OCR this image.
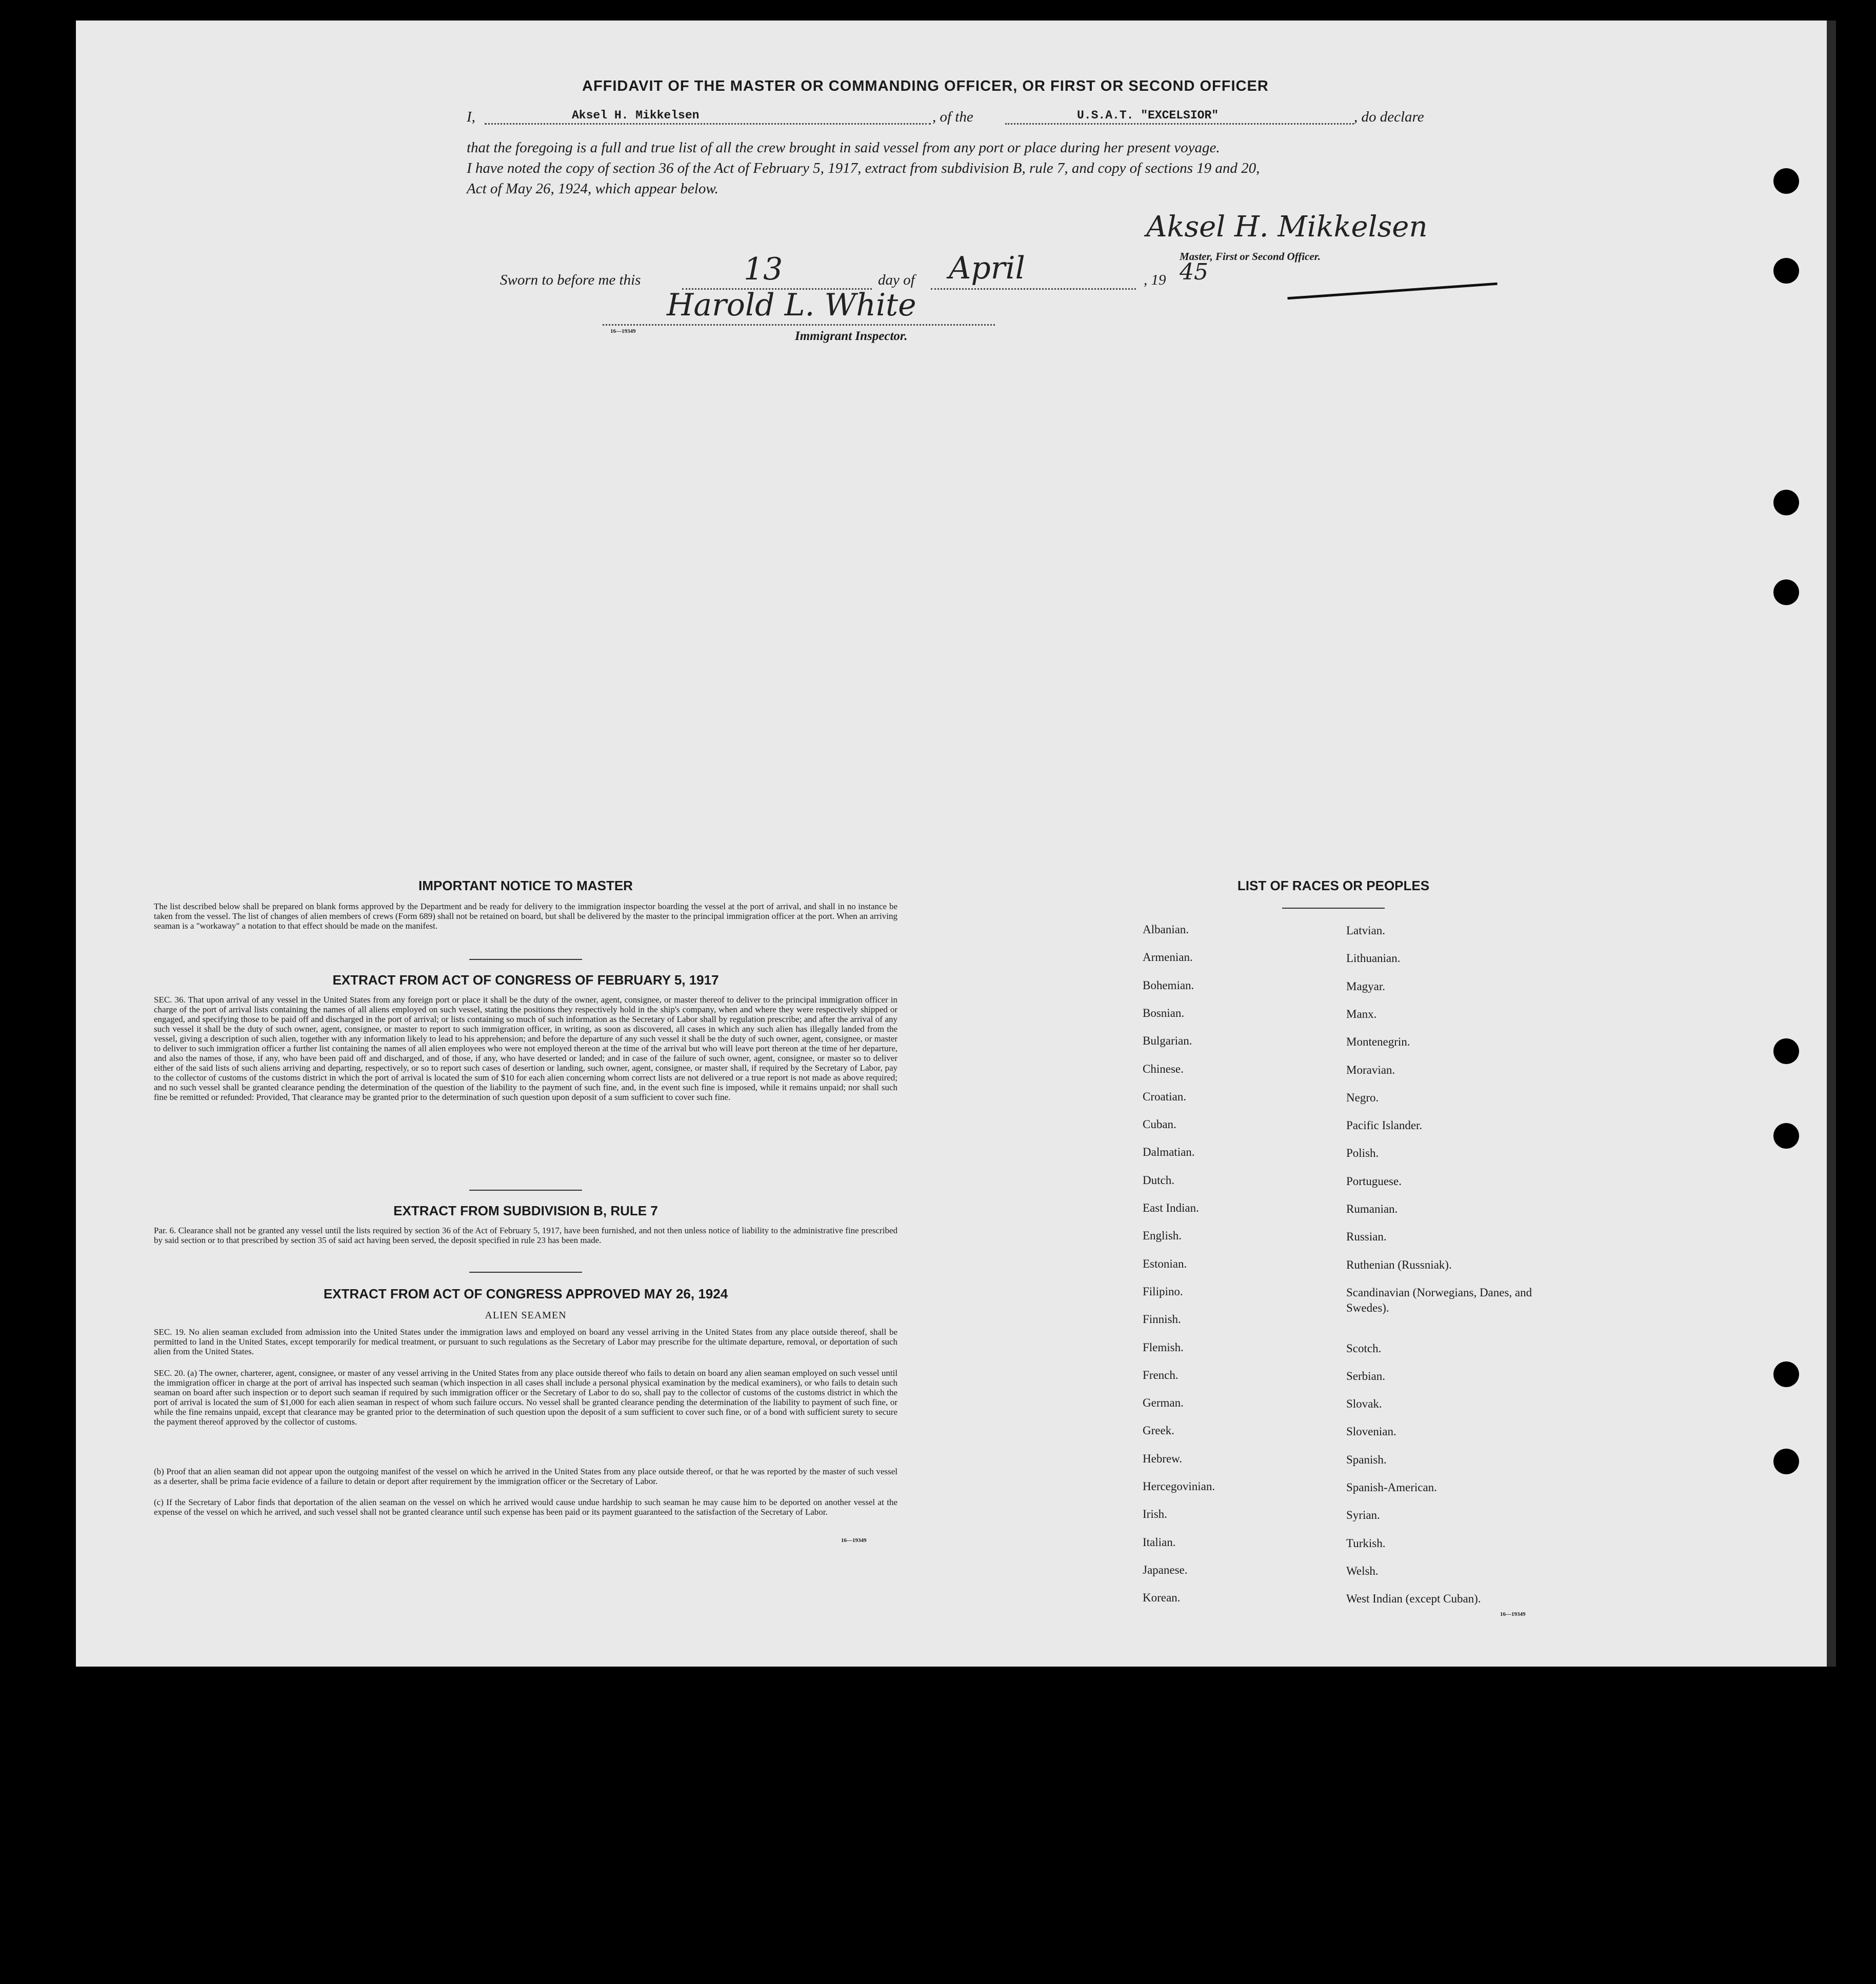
AFFIDAVIT OF THE MASTER OR COMMANDING OFFICER, OR FIRST OR SECOND OFFICER
I,	Aksel H. Mikkelsen	, of the	U.S.A.T. "EXCELSIOR"	, do declare
that the foregoing is a full and true list of all the crew brought in said vessel from any port or place during her present voyage.
I have noted the copy of section 36 of the Act of February 5, 1917, extract from subdivision B, rule 7, and copy of sections 19 and 20,
Act of May 26, 1924, which appear below.
Aksel H. Mikkelsen
Master, First or Second Officer.
Sworn to before me this	13	day of April	, 19 45
Harold L. White
16—19349	Immigrant Inspector.
IMPORTANT NOTICE TO MASTER
The list described below shall be prepared on blank forms approved by the Department and be ready for delivery to the immigration inspector boarding the vessel at the port of arrival, and shall in no instance be taken from the vessel. The list of changes of alien members of crews (Form 689) shall not be retained on board, but shall be delivered by the master to the principal immigration officer at the port. When an arriving seaman is a "workaway" a notation to that effect should be made on the manifest.
EXTRACT FROM ACT OF CONGRESS OF FEBRUARY 5, 1917
SEC. 36. That upon arrival of any vessel in the United States from any foreign port or place it shall be the duty of the owner, agent, consignee, or master thereof to deliver to the principal immigration officer in charge of the port of arrival lists containing the names of all aliens employed on such vessel, stating the positions they respectively hold in the ship's company, when and where they were respectively shipped or engaged, and specifying those to be paid off and discharged in the port of arrival; or lists containing so much of such information as the Secretary of Labor shall by regulation prescribe; and after the arrival of any such vessel it shall be the duty of such owner, agent, consignee, or master to report to such immigration officer, in writing, as soon as discovered, all cases in which any such alien has illegally landed from the vessel, giving a description of such alien, together with any information likely to lead to his apprehension; and before the departure of any such vessel it shall be the duty of such owner, agent, consignee, or master to deliver to such immigration officer a further list containing the names of all alien employees who were not employed thereon at the time of the arrival but who will leave port thereon at the time of her departure, and also the names of those, if any, who have been paid off and discharged, and of those, if any, who have deserted or landed; and in case of the failure of such owner, agent, consignee, or master so to deliver either of the said lists of such aliens arriving and departing, respectively, or so to report such cases of desertion or landing, such owner, agent, consignee, or master shall, if required by the Secretary of Labor, pay to the collector of customs of the customs district in which the port of arrival is located the sum of $10 for each alien concerning whom correct lists are not delivered or a true report is not made as above required; and no such vessel shall be granted clearance pending the determination of the question of the liability to the payment of such fine, and, in the event such fine is imposed, while it remains unpaid; nor shall such fine be remitted or refunded: Provided, That clearance may be granted prior to the determination of such question upon deposit of a sum sufficient to cover such fine.
EXTRACT FROM SUBDIVISION B, RULE 7
Par. 6. Clearance shall not be granted any vessel until the lists required by section 36 of the Act of February 5, 1917, have been furnished, and not then unless notice of liability to the administrative fine prescribed by said section or to that prescribed by section 35 of said act having been served, the deposit specified in rule 23 has been made.
EXTRACT FROM ACT OF CONGRESS APPROVED MAY 26, 1924
ALIEN SEAMEN
SEC. 19. No alien seaman excluded from admission into the United States under the immigration laws and employed on board any vessel arriving in the United States from any place outside thereof, shall be permitted to land in the United States, except temporarily for medical treatment, or pursuant to such regulations as the Secretary of Labor may prescribe for the ultimate departure, removal, or deportation of such alien from the United States.
SEC. 20. (a) The owner, charterer, agent, consignee, or master of any vessel arriving in the United States from any place outside thereof who fails to detain on board any alien seaman employed on such vessel until the immigration officer in charge at the port of arrival has inspected such seaman (which inspection in all cases shall include a personal physical examination by the medical examiners), or who fails to detain such seaman on board after such inspection or to deport such seaman if required by such immigration officer or the Secretary of Labor to do so, shall pay to the collector of customs of the customs district in which the port of arrival is located the sum of $1,000 for each alien seaman in respect of whom such failure occurs. No vessel shall be granted clearance pending the determination of the liability to payment of such fine, or while the fine remains unpaid, except that clearance may be granted prior to the determination of such question upon the deposit of a sum sufficient to cover such fine, or of a bond with sufficient surety to secure the payment thereof approved by the collector of customs.
(b) Proof that an alien seaman did not appear upon the outgoing manifest of the vessel on which he arrived in the United States from any place outside thereof, or that he was reported by the master of such vessel as a deserter, shall be prima facie evidence of a failure to detain or deport after requirement by the immigration officer or the Secretary of Labor.
(c) If the Secretary of Labor finds that deportation of the alien seaman on the vessel on which he arrived would cause undue hardship to such seaman he may cause him to be deported on another vessel at the expense of the vessel on which he arrived, and such vessel shall not be granted clearance until such expense has been paid or its payment guaranteed to the satisfaction of the Secretary of Labor.
16—19349
LIST OF RACES OR PEOPLES
Albanian.
Armenian.
Bohemian.
Bosnian.
Bulgarian.
Chinese.
Croatian.
Cuban.
Dalmatian.
Dutch.
East Indian.
English.
Estonian.
Filipino.
Finnish.
Flemish.
French.
German.
Greek.
Hebrew.
Hercegovinian.
Irish.
Italian.
Japanese.
Korean.
Latvian.
Lithuanian.
Magyar.
Manx.
Montenegrin.
Moravian.
Negro.
Pacific Islander.
Polish.
Portuguese.
Rumanian.
Russian.
Ruthenian (Russniak).
Scandinavian (Norwegians, Danes, and Swedes).
Scotch.
Serbian.
Slovak.
Slovenian.
Spanish.
Spanish-American.
Syrian.
Turkish.
Welsh.
West Indian (except Cuban).
16—19349
